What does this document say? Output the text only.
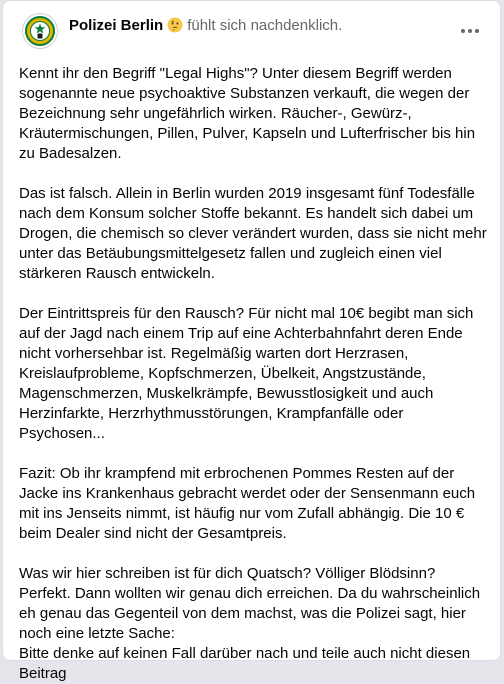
Polizei Berlin fühlt sich nachdenklich.

Kennt ihr den Begriff "Legal Highs"? Unter diesem Begriff werden sogenannte neue psychoaktive Substanzen verkauft, die wegen der Bezeichnung sehr ungefährlich wirken. Räucher-, Gewürz-, Kräutermischungen, Pillen, Pulver, Kapseln und Lufterfrischer bis hin zu Badesalzen.

Das ist falsch. Allein in Berlin wurden 2019 insgesamt fünf Todesfälle nach dem Konsum solcher Stoffe bekannt. Es handelt sich dabei um Drogen, die chemisch so clever verändert wurden, dass sie nicht mehr unter das Betäubungsmittelgesetz fallen und zugleich einen viel stärkeren Rausch entwickeln.

Der Eintrittspreis für den Rausch? Für nicht mal 10€ begibt man sich auf der Jagd nach einem Trip auf eine Achterbahnfahrt deren Ende nicht vorhersehbar ist. Regelmäßig warten dort Herzrasen, Kreislaufprobleme, Kopfschmerzen, Übelkeit, Angstzustände, Magenschmerzen, Muskelkrämpfe, Bewusstlosigkeit und auch Herzinfarkte, Herzrhythmusstörungen, Krampfanfälle oder Psychosen...

Fazit: Ob ihr krampfend mit erbrochenen Pommes Resten auf der Jacke ins Krankenhaus gebracht werdet oder der Sensenmann euch mit ins Jenseits nimmt, ist häufig nur vom Zufall abhängig. Die 10 € beim Dealer sind nicht der Gesamtpreis.

Was wir hier schreiben ist für dich Quatsch? Völliger Blödsinn? Perfekt. Dann wollten wir genau dich erreichen. Da du wahrscheinlich eh genau das Gegenteil von dem machst, was die Polizei sagt, hier noch eine letzte Sache:

Bitte denke auf keinen Fall darüber nach und teile auch nicht diesen Beitrag
